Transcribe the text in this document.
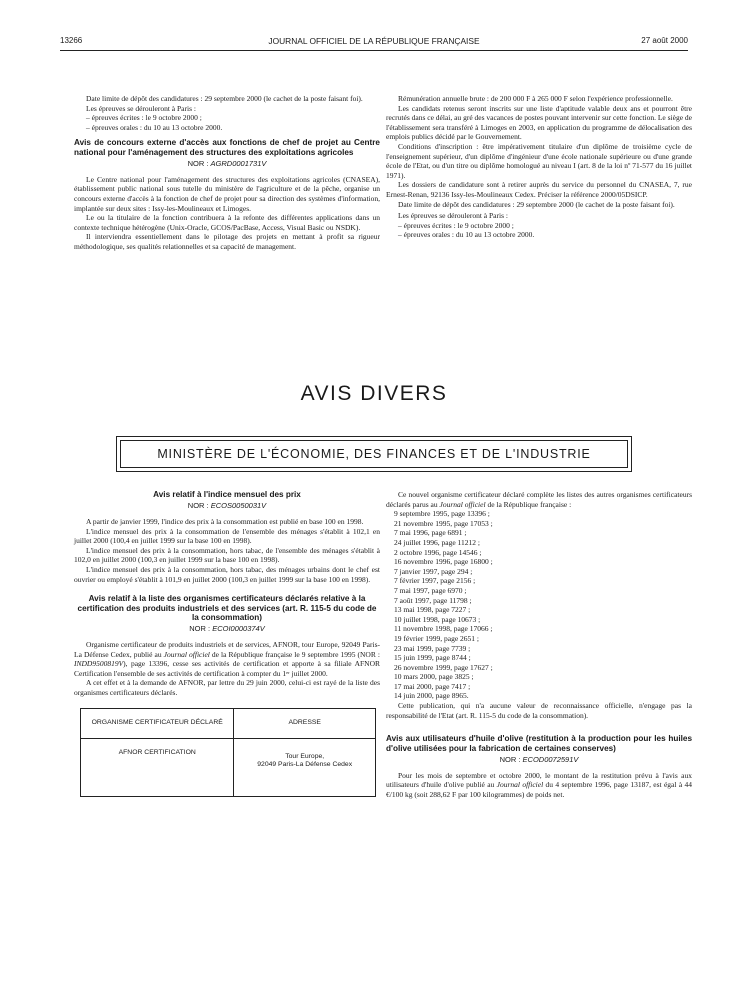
13266	JOURNAL OFFICIEL DE LA RÉPUBLIQUE FRANÇAISE	27 août 2000

Date limite de dépôt des candidatures : 29 septembre 2000 (le cachet de la poste faisant foi).

Les épreuves se dérouleront à Paris :

– épreuves écrites : le 9 octobre 2000 ;

– épreuves orales : du 10 au 13 octobre 2000.

Avis de concours externe d'accès aux fonctions de chef de projet au Centre national pour l'aménagement des structures des exploitations agricoles

NOR : AGRD0001731V

Le Centre national pour l'aménagement des structures des exploitations agricoles (CNASEA), établissement public national sous tutelle du ministère de l'agriculture et de la pêche, organise un concours externe d'accès à la fonction de chef de projet pour sa direction des systèmes d'information, implantée sur deux sites : Issy-les-Moulineaux et Limoges.

Le ou la titulaire de la fonction contribuera à la refonte des différentes applications dans un contexte technique hétérogène (Unix-Oracle, GCOS/PacBase, Access, Visual Basic ou NSDK).

Il interviendra essentiellement dans le pilotage des projets en mettant à profit sa rigueur méthodologique, ses qualités relationnelles et sa capacité de management.

Rémunération annuelle brute : de 200 000 F à 265 000 F selon l'expérience professionnelle.

Les candidats retenus seront inscrits sur une liste d'aptitude valable deux ans et pourront être recrutés dans ce délai, au gré des vacances de postes pouvant intervenir sur cette fonction. Le siège de l'établissement sera transféré à Limoges en 2003, en application du programme de délocalisation des emplois publics décidé par le Gouvernement.

Conditions d'inscription : être impérativement titulaire d'un diplôme de troisième cycle de l'enseignement supérieur, d'un diplôme d'ingénieur d'une école nationale supérieure ou d'une grande école de l'Etat, ou d'un titre ou diplôme homologué au niveau I (art. 8 de la loi nº 71-577 du 16 juillet 1971).

Les dossiers de candidature sont à retirer auprès du service du personnel du CNASEA, 7, rue Ernest-Renan, 92136 Issy-les-Moulineaux Cedex. Préciser la référence 2000/05DSICP.

Date limite de dépôt des candidatures : 29 septembre 2000 (le cachet de la poste faisant foi).

Les épreuves se dérouleront à Paris :

– épreuves écrites : le 9 octobre 2000 ;

– épreuves orales : du 10 au 13 octobre 2000.

AVIS DIVERS
MINISTÈRE DE L'ÉCONOMIE, DES FINANCES ET DE L'INDUSTRIE
Avis relatif à l'indice mensuel des prix

NOR : ECOS0050031V

A partir de janvier 1999, l'indice des prix à la consommation est publié en base 100 en 1998.

L'indice mensuel des prix à la consommation de l'ensemble des ménages s'établit à 102,1 en juillet 2000 (100,4 en juillet 1999 sur la base 100 en 1998).

L'indice mensuel des prix à la consommation, hors tabac, de l'ensemble des ménages s'établit à 102,0 en juillet 2000 (100,3 en juillet 1999 sur la base 100 en 1998).

L'indice mensuel des prix à la consommation, hors tabac, des ménages urbains dont le chef est ouvrier ou employé s'établit à 101,9 en juillet 2000 (100,3 en juillet 1999 sur la base 100 en 1998).

Avis relatif à la liste des organismes certificateurs déclarés relative à la certification des produits industriels et des services (art. R. 115-5 du code de la consommation)

NOR : ECOI0000374V

Organisme certificateur de produits industriels et de services, AFNOR, tour Europe, 92049 Paris-La Défense Cedex, publié au Journal officiel de la République française le 9 septembre 1995 (NOR : INDD9500819V), page 13396, cesse ses activités de certification et apporte à sa filiale AFNOR Certification l'ensemble de ses activités de certification à compter du 1ᵉʳ juillet 2000.

A cet effet et à la demande de AFNOR, par lettre du 29 juin 2000, celui-ci est rayé de la liste des organismes certificateurs déclarés.

ORGANISME CERTIFICATEUR DÉCLARÉ	ADRESSE
AFNOR CERTIFICATION	Tour Europe,
92049 Paris-La Défense Cedex

Ce nouvel organisme certificateur déclaré complète les listes des autres organismes certificateurs déclarés parus au Journal officiel de la République française :

9 septembre 1995, page 13396 ;
21 novembre 1995, page 17053 ;
7 mai 1996, page 6891 ;
24 juillet 1996, page 11212 ;
2 octobre 1996, page 14546 ;
16 novembre 1996, page 16800 ;
7 janvier 1997, page 294 ;
7 février 1997, page 2156 ;
7 mai 1997, page 6970 ;
7 août 1997, page 11798 ;
13 mai 1998, page 7227 ;
10 juillet 1998, page 10673 ;
11 novembre 1998, page 17066 ;
19 février 1999, page 2651 ;
23 mai 1999, page 7739 ;
15 juin 1999, page 8744 ;
26 novembre 1999, page 17627 ;
10 mars 2000, page 3825 ;
17 mai 2000, page 7417 ;
14 juin 2000, page 8965.

Cette publication, qui n'a aucune valeur de reconnaissance officielle, n'engage pas la responsabilité de l'Etat (art. R. 115-5 du code de la consommation).

Avis aux utilisateurs d'huile d'olive (restitution à la production pour les huiles d'olive utilisées pour la fabrication de certaines conserves)

NOR : ECOD0072591V

Pour les mois de septembre et octobre 2000, le montant de la restitution prévu à l'avis aux utilisateurs d'huile d'olive publié au Journal officiel du 4 septembre 1996, page 13187, est égal à 44 €/100 kg (soit 288,62 F par 100 kilogrammes) de poids net.
